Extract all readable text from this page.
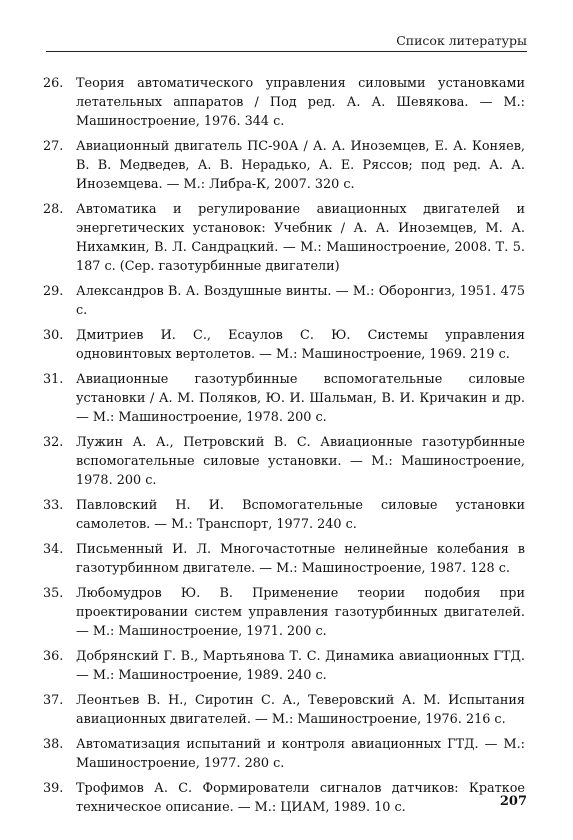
Список литературы
26. Теория автоматического управления силовыми установками летательных аппаратов / Под ред. А. А. Шевякова. — М.: Машиностроение, 1976. 344 с.
27. Авиационный двигатель ПС-90А / А. А. Иноземцев, Е. А. Коняев, В. В. Медведев, А. В. Нерадько, А. Е. Ряссов; под ред. А. А. Иноземцева. — М.: Либра-К, 2007. 320 с.
28. Автоматика и регулирование авиационных двигателей и энергетических установок: Учебник / А. А. Иноземцев, М. А. Нихамкин, В. Л. Сандрацкий. — М.: Машиностроение, 2008. Т. 5. 187 с. (Сер. газотурбинные двигатели)
29. Александров В. А. Воздушные винты. — М.: Оборонгиз, 1951. 475 с.
30. Дмитриев И. С., Есаулов С. Ю. Системы управления одновинтовых вертолетов. — М.: Машиностроение, 1969. 219 с.
31. Авиационные газотурбинные вспомогательные силовые установки / А. М. Поляков, Ю. И. Шальман, В. И. Кричакин и др. — М.: Машиностроение, 1978. 200 с.
32. Лужин А. А., Петровский В. С. Авиационные газотурбинные вспомогательные силовые установки. — М.: Машиностроение, 1978. 200 с.
33. Павловский Н. И. Вспомогательные силовые установки самолетов. — М.: Транспорт, 1977. 240 с.
34. Письменный И. Л. Многочастотные нелинейные колебания в газотурбинном двигателе. — М.: Машиностроение, 1987. 128 с.
35. Любомудров Ю. В. Применение теории подобия при проектировании систем управления газотурбинных двигателей. — М.: Машиностроение, 1971. 200 с.
36. Добрянский Г. В., Мартьянова Т. С. Динамика авиационных ГТД. — М.: Машиностроение, 1989. 240 с.
37. Леонтьев В. Н., Сиротин С. А., Теверовский А. М. Испытания авиационных двигателей. — М.: Машиностроение, 1976. 216 с.
38. Автоматизация испытаний и контроля авиационных ГТД. — М.: Машиностроение, 1977. 280 с.
39. Трофимов А. С. Формирователи сигналов датчиков: Краткое техническое описание. — М.: ЦИАМ, 1989. 10 с.	207
